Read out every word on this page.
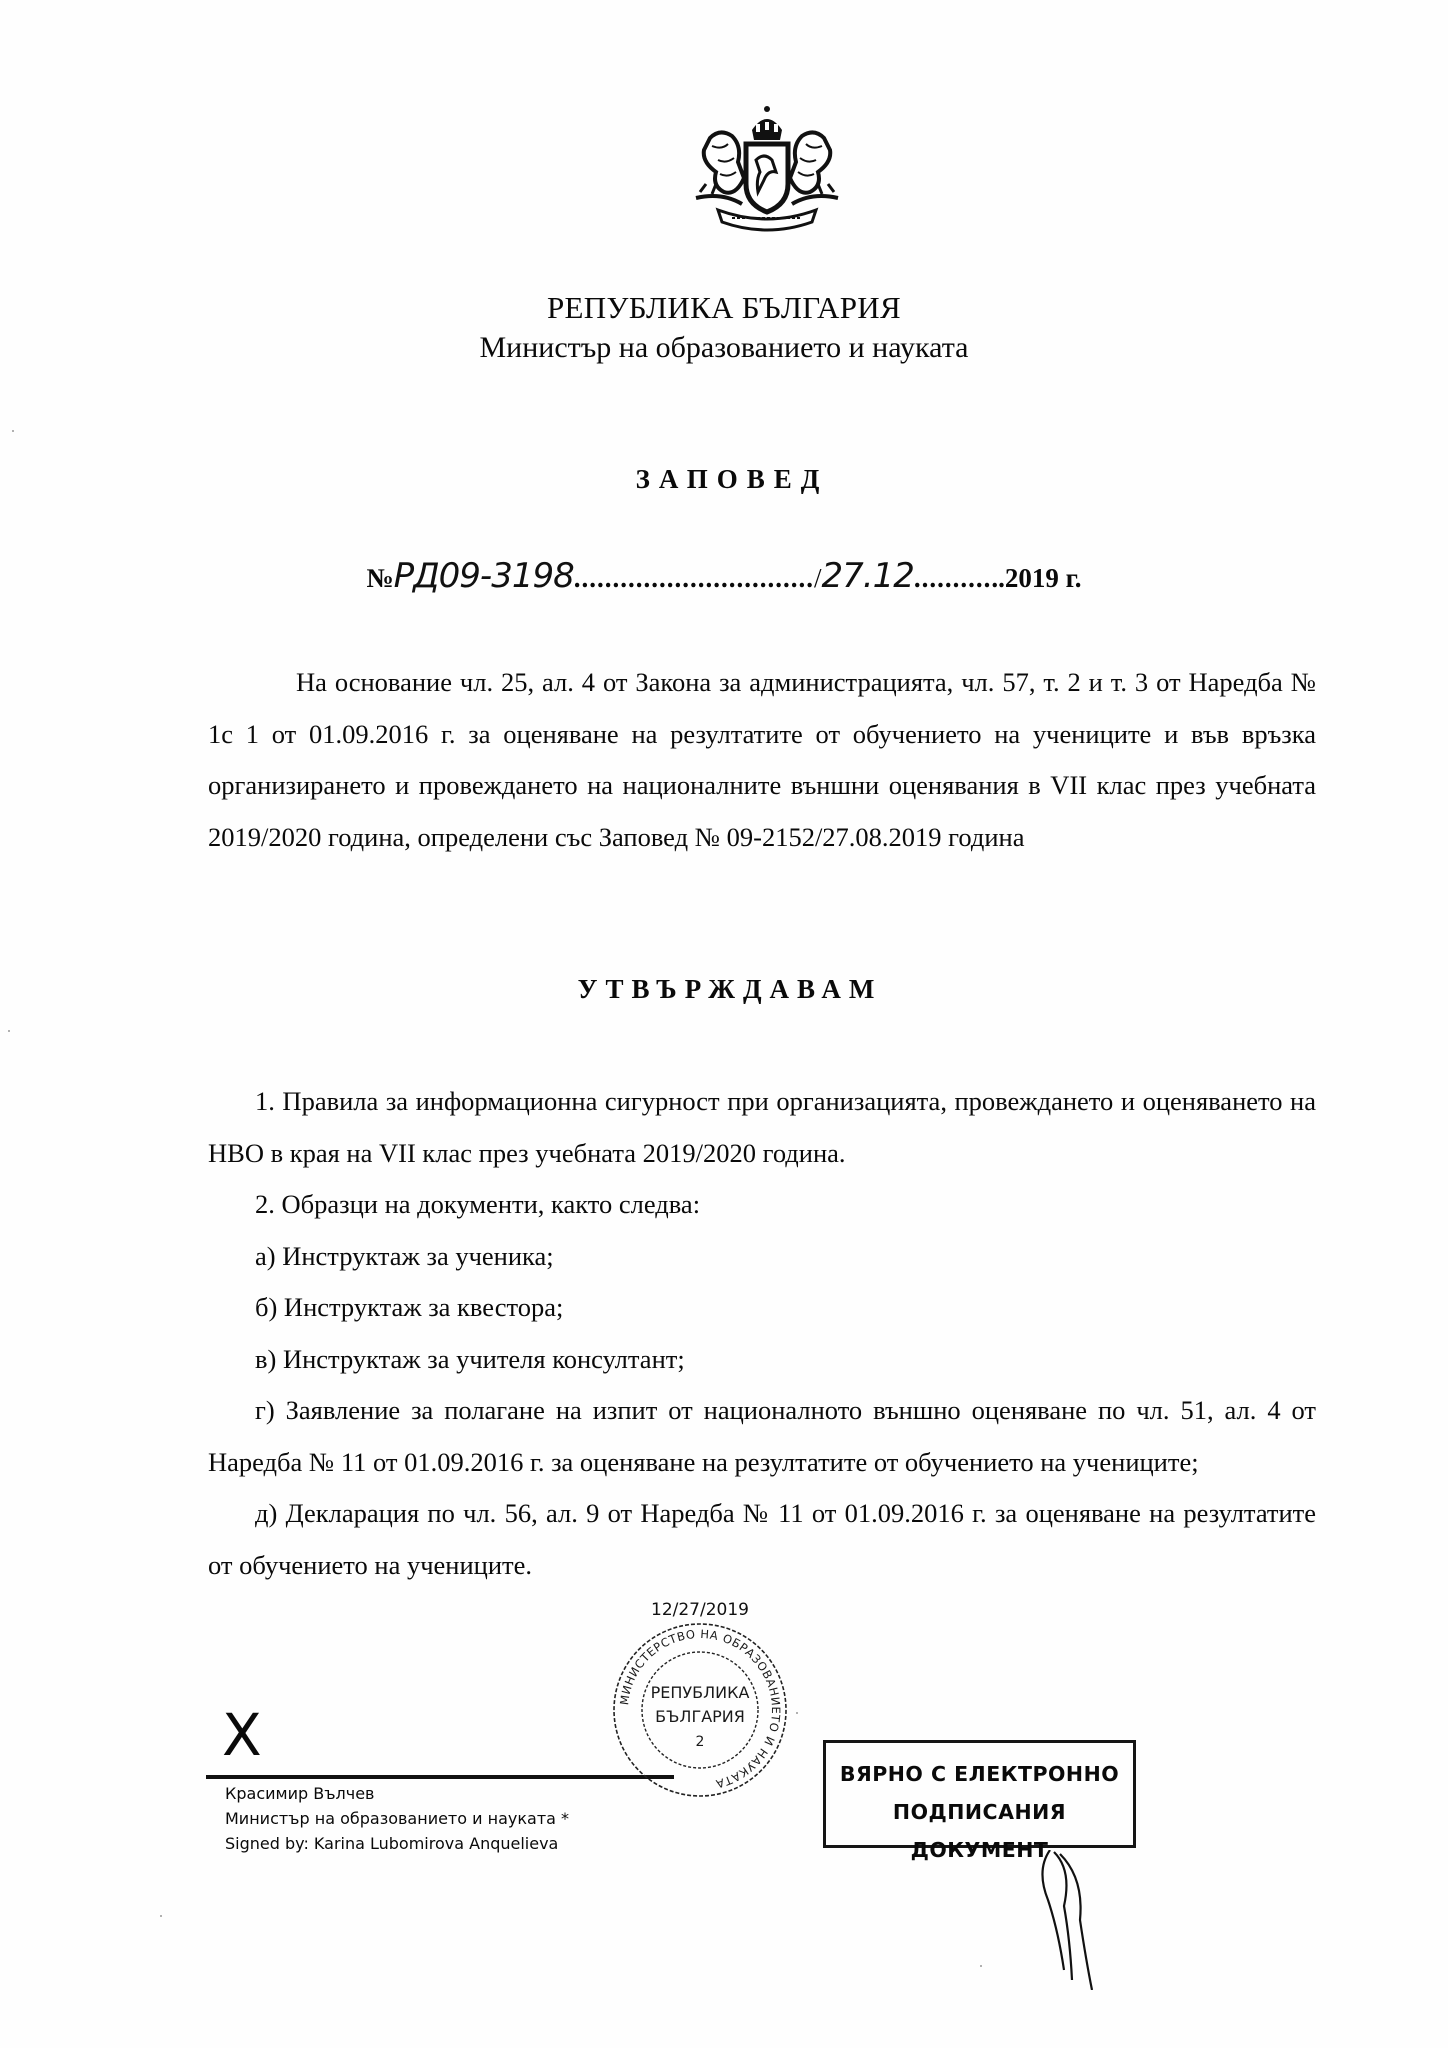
РЕПУБЛИКА БЪЛГАРИЯ
Министър на образованието и науката
ЗАПОВЕД
№РД09-3198.............................../27.12............2019 г.
На основание чл. 25, ал. 4 от Закона за администрацията, чл. 57, т. 2 и т. 3 от Наредба № 1с 1 от 01.09.2016 г. за оценяване на резултатите от обучението на учениците и във връзка организирането и провеждането на националните външни оценявания в VII клас през учебната 2019/2020 година, определени със Заповед № 09-2152/27.08.2019 година
УТВЪРЖДАВАМ

1. Правила за информационна сигурност при организацията, провеждането и оценяването на НВО в края на VII клас през учебната 2019/2020 година.

2. Образци на документи, както следва:

а) Инструктаж за ученика;

б) Инструктаж за квестора;

в) Инструктаж за учителя консултант;

г) Заявление за полагане на изпит от националното външно оценяване по чл. 51, ал. 4 от Наредба № 11 от 01.09.2016 г. за оценяване на резултатите от обучението на учениците;

д) Декларация по чл. 56, ал. 9 от Наредба № 11 от 01.09.2016 г. за оценяване на резултатите от обучението на учениците.

X
Красимир Вълчев
Министър на образованието и науката *
Signed by: Karina Lubomirova Anquelieva
12/27/2019
МИНИСТЕРСТВО НА ОБРАЗОВАНИЕТО И НАУКАТА
РЕПУБЛИКА
БЪЛГАРИЯ
2
ВЯРНО С ЕЛЕКТРОННО
ПОДПИСАНИЯ ДОКУМЕНТ
